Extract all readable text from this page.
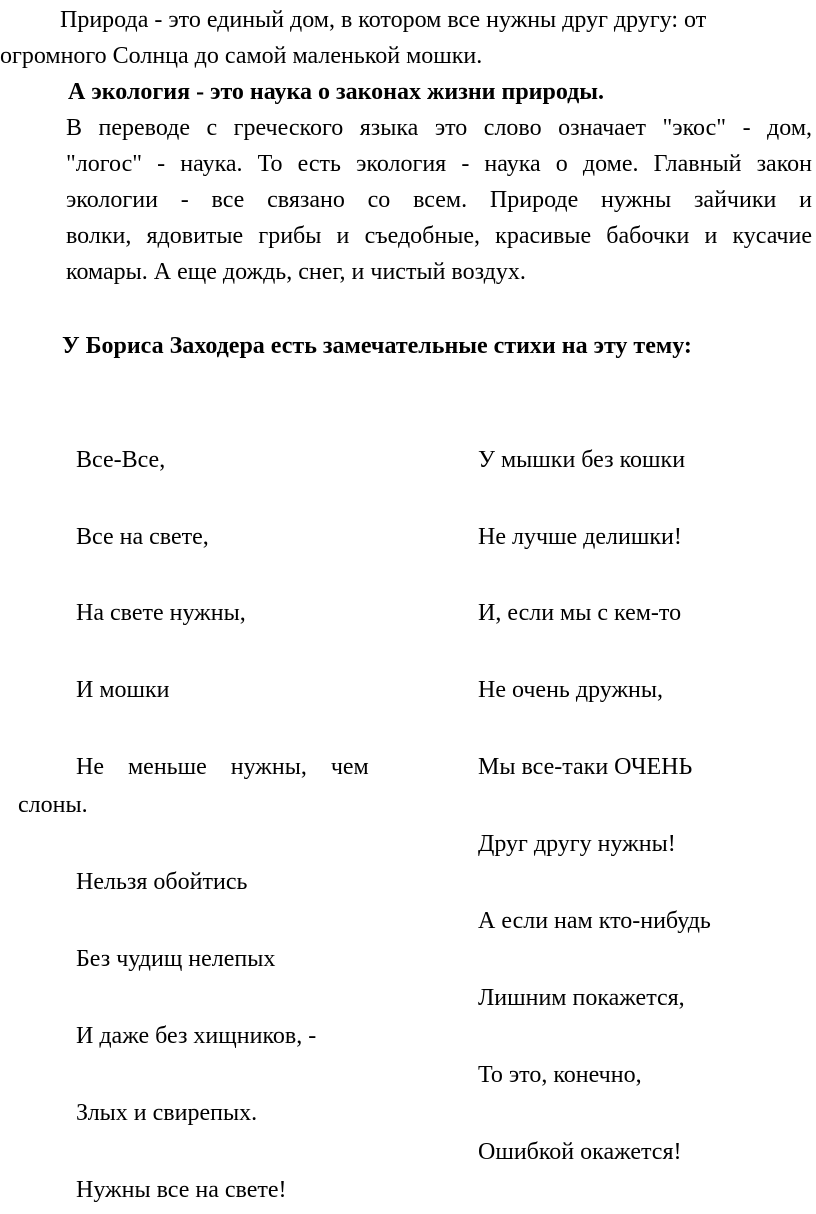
Природа - это единый дом, в котором все нужны друг другу: от огромного Солнца до самой маленькой мошки.

А экология - это наука о законах жизни природы.

В переводе с греческого языка это слово означает "экос" - дом,
"логос" - наука. То есть экология - наука о доме. Главный закон
экологии - все связано со всем. Природе нужны зайчики и
волки, ядовитые грибы и съедобные, красивые бабочки и кусачие
комары. А еще дождь, снег, и чистый воздух.
У Бориса Заходера есть замечательные стихи на эту тему:
Все-Все,
Все на свете,
На свете нужны,
И мошки
Не меньше нужны, чем
слоны.
Нельзя обойтись
Без чудищ нелепых
И даже без хищников, -
Злых и свирепых.
Нужны все на свете!
У мышки без кошки
Не лучше делишки!
И, если мы с кем-то
Не очень дружны,
Мы все-таки ОЧЕНЬ
Друг другу нужны!
А если нам кто-нибудь
Лишним покажется,
То это, конечно,
Ошибкой окажется!
